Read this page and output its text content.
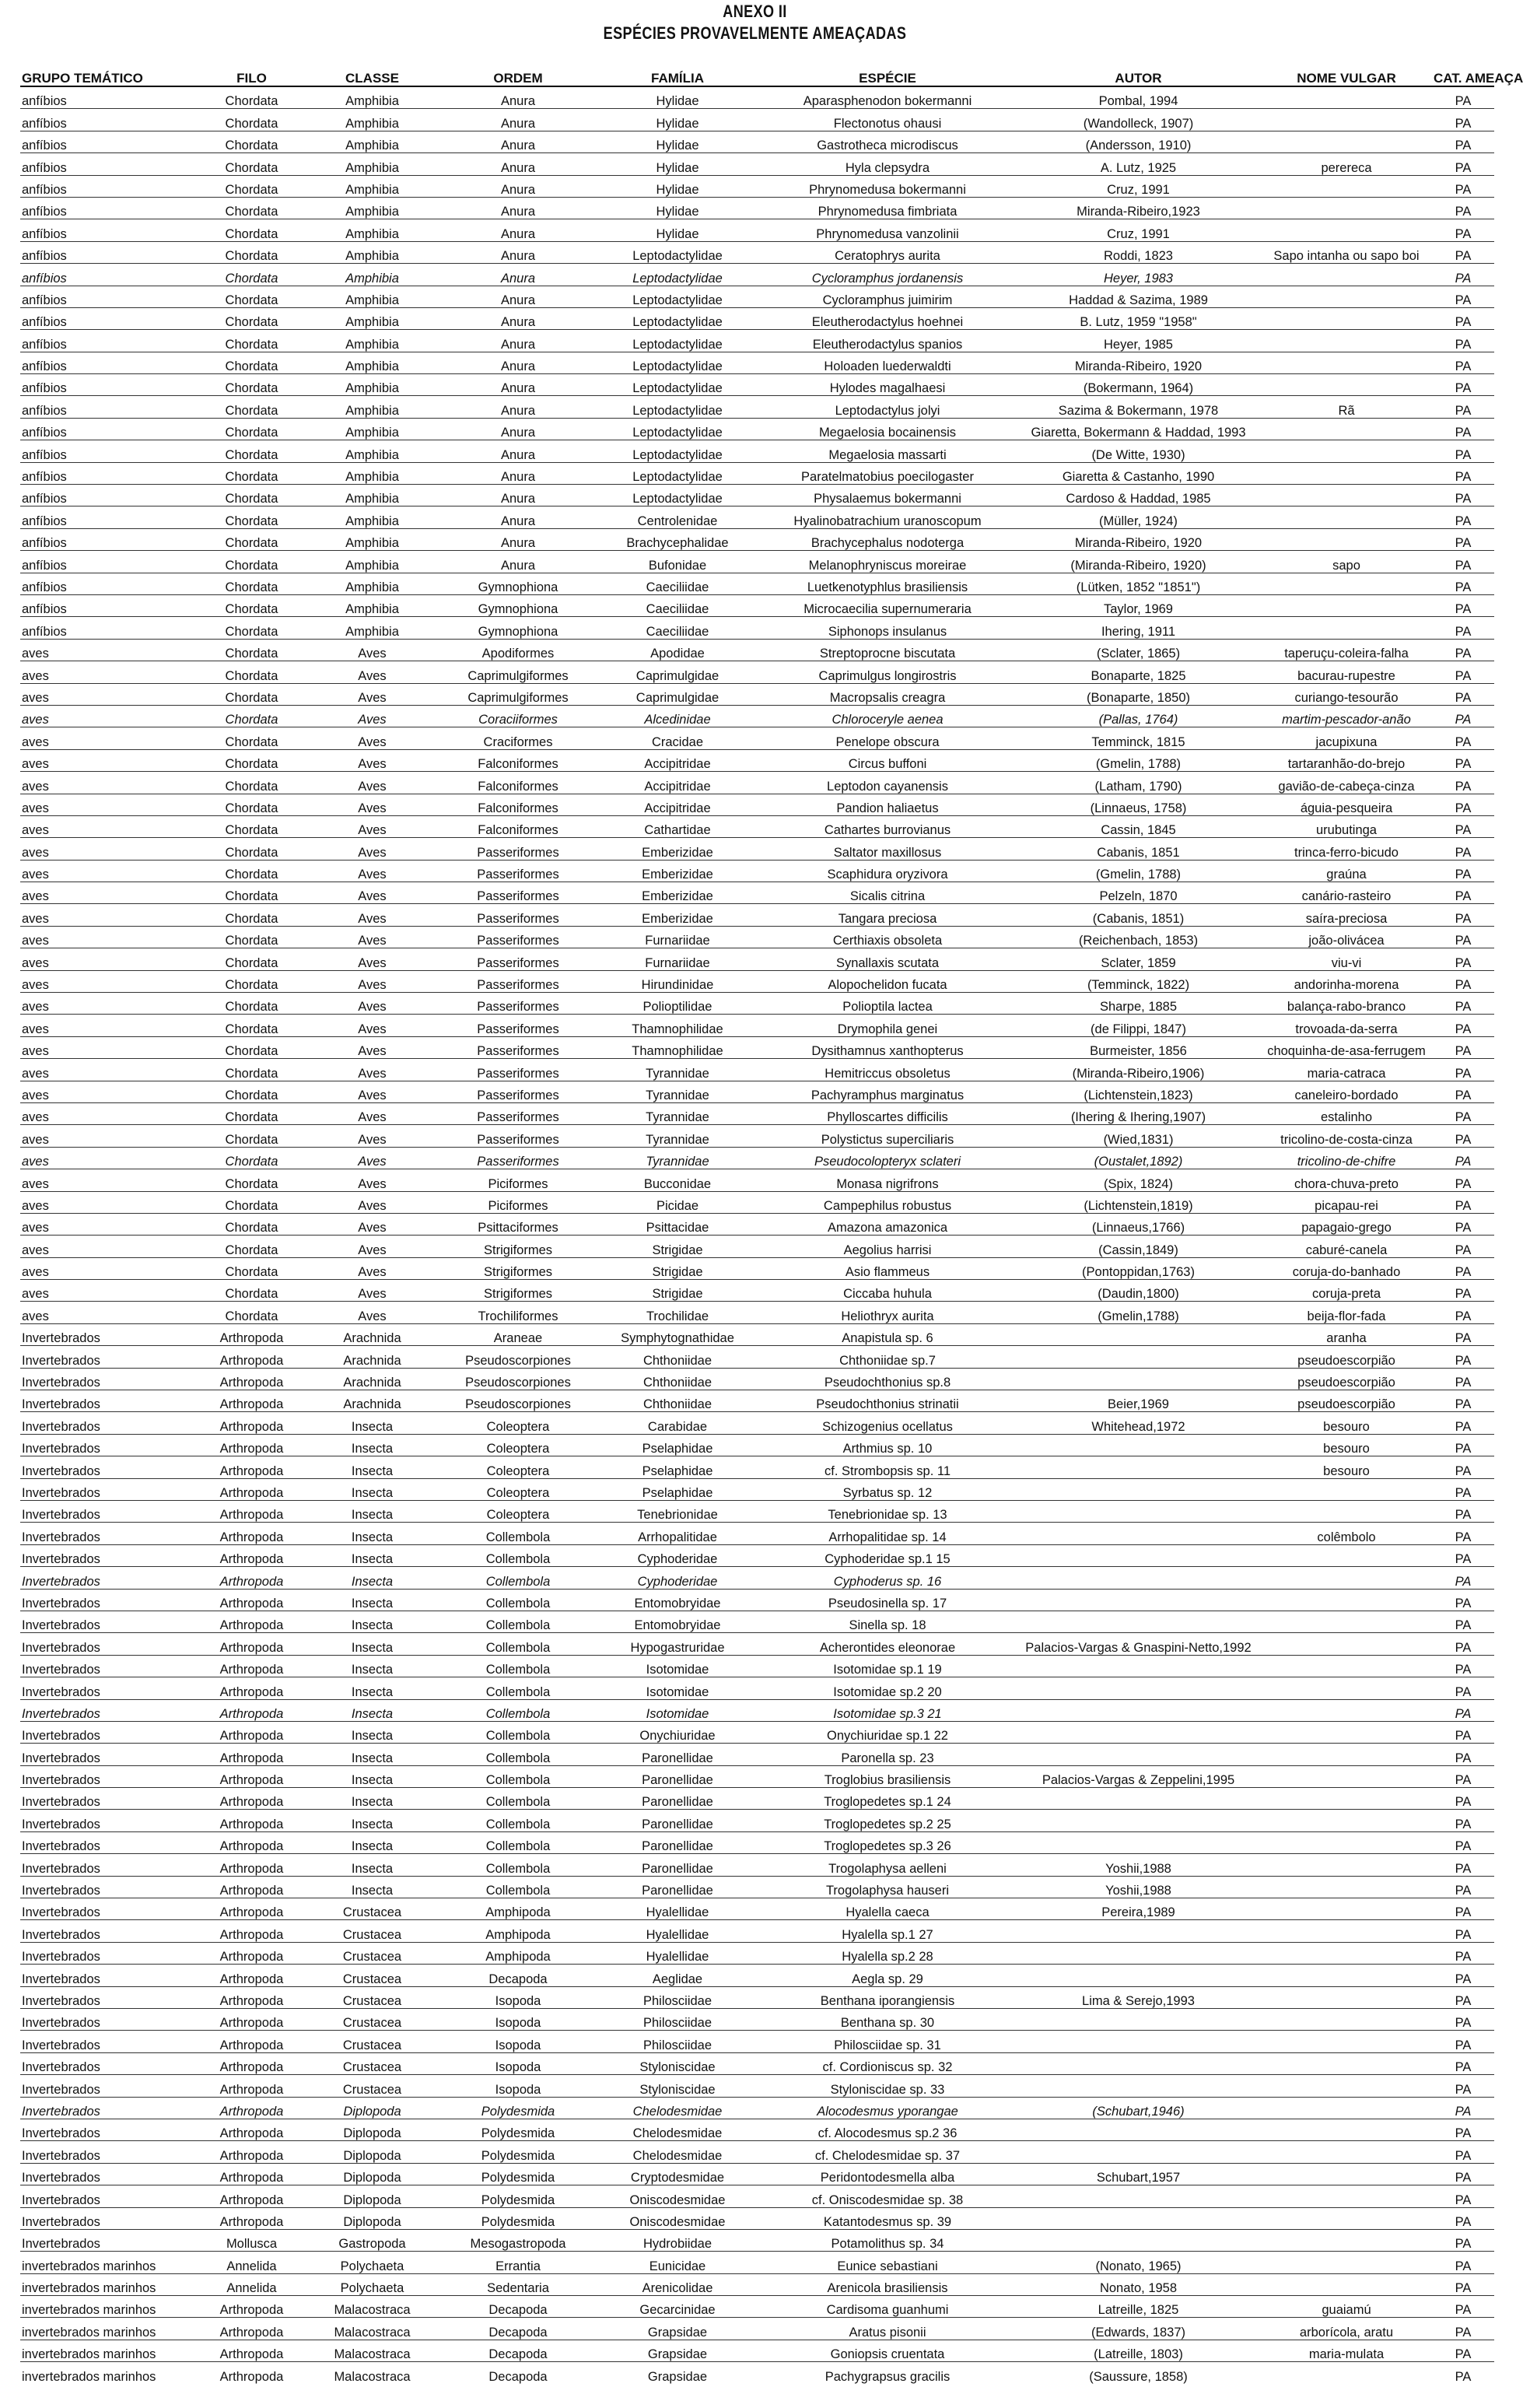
ANEXO II
ESPÉCIES PROVAVELMENTE AMEAÇADAS
GRUPO TEMÁTICO	FILO	CLASSE	ORDEM	FAMÍLIA	ESPÉCIE	AUTOR	NOME VULGAR	CAT. AMEAÇA
anfíbios	Chordata	Amphibia	Anura	Hylidae	Aparasphenodon bokermanni	Pombal, 1994		PA
anfíbios	Chordata	Amphibia	Anura	Hylidae	Flectonotus ohausi	(Wandolleck, 1907)		PA
anfíbios	Chordata	Amphibia	Anura	Hylidae	Gastrotheca microdiscus	(Andersson, 1910)		PA
anfíbios	Chordata	Amphibia	Anura	Hylidae	Hyla clepsydra	A. Lutz, 1925	perereca	PA
anfíbios	Chordata	Amphibia	Anura	Hylidae	Phrynomedusa bokermanni	Cruz, 1991		PA
anfíbios	Chordata	Amphibia	Anura	Hylidae	Phrynomedusa fimbriata	Miranda-Ribeiro,1923		PA
anfíbios	Chordata	Amphibia	Anura	Hylidae	Phrynomedusa vanzolinii	Cruz, 1991		PA
anfíbios	Chordata	Amphibia	Anura	Leptodactylidae	Ceratophrys aurita	Roddi, 1823	Sapo intanha ou sapo boi	PA
anfíbios	Chordata	Amphibia	Anura	Leptodactylidae	Cycloramphus jordanensis	Heyer, 1983		PA
anfíbios	Chordata	Amphibia	Anura	Leptodactylidae	Cycloramphus juimirim	Haddad & Sazima, 1989		PA
anfíbios	Chordata	Amphibia	Anura	Leptodactylidae	Eleutherodactylus hoehnei	B. Lutz, 1959 "1958"		PA
anfíbios	Chordata	Amphibia	Anura	Leptodactylidae	Eleutherodactylus spanios	Heyer, 1985		PA
anfíbios	Chordata	Amphibia	Anura	Leptodactylidae	Holoaden luederwaldti	Miranda-Ribeiro, 1920		PA
anfíbios	Chordata	Amphibia	Anura	Leptodactylidae	Hylodes magalhaesi	(Bokermann, 1964)		PA
anfíbios	Chordata	Amphibia	Anura	Leptodactylidae	Leptodactylus jolyi	Sazima & Bokermann, 1978	Rã	PA
anfíbios	Chordata	Amphibia	Anura	Leptodactylidae	Megaelosia bocainensis	Giaretta, Bokermann & Haddad, 1993		PA
anfíbios	Chordata	Amphibia	Anura	Leptodactylidae	Megaelosia massarti	(De Witte, 1930)		PA
anfíbios	Chordata	Amphibia	Anura	Leptodactylidae	Paratelmatobius poecilogaster	Giaretta & Castanho, 1990		PA
anfíbios	Chordata	Amphibia	Anura	Leptodactylidae	Physalaemus bokermanni	Cardoso & Haddad, 1985		PA
anfíbios	Chordata	Amphibia	Anura	Centrolenidae	Hyalinobatrachium uranoscopum	(Müller, 1924)		PA
anfíbios	Chordata	Amphibia	Anura	Brachycephalidae	Brachycephalus nodoterga	Miranda-Ribeiro, 1920		PA
anfíbios	Chordata	Amphibia	Anura	Bufonidae	Melanophryniscus moreirae	(Miranda-Ribeiro, 1920)	sapo	PA
anfíbios	Chordata	Amphibia	Gymnophiona	Caeciliidae	Luetkenotyphlus brasiliensis	(Lütken, 1852 "1851")		PA
anfíbios	Chordata	Amphibia	Gymnophiona	Caeciliidae	Microcaecilia supernumeraria	Taylor, 1969		PA
anfíbios	Chordata	Amphibia	Gymnophiona	Caeciliidae	Siphonops insulanus	Ihering, 1911		PA
aves	Chordata	Aves	Apodiformes	Apodidae	Streptoprocne biscutata	(Sclater, 1865)	taperuçu-coleira-falha	PA
aves	Chordata	Aves	Caprimulgiformes	Caprimulgidae	Caprimulgus longirostris	Bonaparte, 1825	bacurau-rupestre	PA
aves	Chordata	Aves	Caprimulgiformes	Caprimulgidae	Macropsalis creagra	(Bonaparte, 1850)	curiango-tesourão	PA
aves	Chordata	Aves	Coraciiformes	Alcedinidae	Chloroceryle aenea	(Pallas, 1764)	martim-pescador-anão	PA
aves	Chordata	Aves	Craciformes	Cracidae	Penelope obscura	Temminck, 1815	jacupixuna	PA
aves	Chordata	Aves	Falconiformes	Accipitridae	Circus buffoni	(Gmelin, 1788)	tartaranhão-do-brejo	PA
aves	Chordata	Aves	Falconiformes	Accipitridae	Leptodon cayanensis	(Latham, 1790)	gavião-de-cabeça-cinza	PA
aves	Chordata	Aves	Falconiformes	Accipitridae	Pandion haliaetus	(Linnaeus, 1758)	águia-pesqueira	PA
aves	Chordata	Aves	Falconiformes	Cathartidae	Cathartes burrovianus	Cassin, 1845	urubutinga	PA
aves	Chordata	Aves	Passeriformes	Emberizidae	Saltator maxillosus	Cabanis, 1851	trinca-ferro-bicudo	PA
aves	Chordata	Aves	Passeriformes	Emberizidae	Scaphidura oryzivora	(Gmelin, 1788)	graúna	PA
aves	Chordata	Aves	Passeriformes	Emberizidae	Sicalis citrina	Pelzeln, 1870	canário-rasteiro	PA
aves	Chordata	Aves	Passeriformes	Emberizidae	Tangara preciosa	(Cabanis, 1851)	saíra-preciosa	PA
aves	Chordata	Aves	Passeriformes	Furnariidae	Certhiaxis obsoleta	(Reichenbach, 1853)	joão-olivácea	PA
aves	Chordata	Aves	Passeriformes	Furnariidae	Synallaxis scutata	Sclater, 1859	viu-vi	PA
aves	Chordata	Aves	Passeriformes	Hirundinidae	Alopochelidon fucata	(Temminck, 1822)	andorinha-morena	PA
aves	Chordata	Aves	Passeriformes	Polioptilidae	Polioptila lactea	Sharpe, 1885	balança-rabo-branco	PA
aves	Chordata	Aves	Passeriformes	Thamnophilidae	Drymophila genei	(de Filippi, 1847)	trovoada-da-serra	PA
aves	Chordata	Aves	Passeriformes	Thamnophilidae	Dysithamnus xanthopterus	Burmeister, 1856	choquinha-de-asa-ferrugem	PA
aves	Chordata	Aves	Passeriformes	Tyrannidae	Hemitriccus obsoletus	(Miranda-Ribeiro,1906)	maria-catraca	PA
aves	Chordata	Aves	Passeriformes	Tyrannidae	Pachyramphus marginatus	(Lichtenstein,1823)	caneleiro-bordado	PA
aves	Chordata	Aves	Passeriformes	Tyrannidae	Phylloscartes difficilis	(Ihering & Ihering,1907)	estalinho	PA
aves	Chordata	Aves	Passeriformes	Tyrannidae	Polystictus superciliaris	(Wied,1831)	tricolino-de-costa-cinza	PA
aves	Chordata	Aves	Passeriformes	Tyrannidae	Pseudocolopteryx sclateri	(Oustalet,1892)	tricolino-de-chifre	PA
aves	Chordata	Aves	Piciformes	Bucconidae	Monasa nigrifrons	(Spix, 1824)	chora-chuva-preto	PA
aves	Chordata	Aves	Piciformes	Picidae	Campephilus robustus	(Lichtenstein,1819)	picapau-rei	PA
aves	Chordata	Aves	Psittaciformes	Psittacidae	Amazona amazonica	(Linnaeus,1766)	papagaio-grego	PA
aves	Chordata	Aves	Strigiformes	Strigidae	Aegolius harrisi	(Cassin,1849)	caburé-canela	PA
aves	Chordata	Aves	Strigiformes	Strigidae	Asio flammeus	(Pontoppidan,1763)	coruja-do-banhado	PA
aves	Chordata	Aves	Strigiformes	Strigidae	Ciccaba huhula	(Daudin,1800)	coruja-preta	PA
aves	Chordata	Aves	Trochiliformes	Trochilidae	Heliothryx aurita	(Gmelin,1788)	beija-flor-fada	PA
Invertebrados	Arthropoda	Arachnida	Araneae	Symphytognathidae	Anapistula sp. 6		aranha	PA
Invertebrados	Arthropoda	Arachnida	Pseudoscorpiones	Chthoniidae	Chthoniidae sp.7		pseudoescorpião	PA
Invertebrados	Arthropoda	Arachnida	Pseudoscorpiones	Chthoniidae	Pseudochthonius sp.8		pseudoescorpião	PA
Invertebrados	Arthropoda	Arachnida	Pseudoscorpiones	Chthoniidae	Pseudochthonius strinatii	Beier,1969	pseudoescorpião	PA
Invertebrados	Arthropoda	Insecta	Coleoptera	Carabidae	Schizogenius ocellatus	Whitehead,1972	besouro	PA
Invertebrados	Arthropoda	Insecta	Coleoptera	Pselaphidae	Arthmius sp. 10		besouro	PA
Invertebrados	Arthropoda	Insecta	Coleoptera	Pselaphidae	cf. Strombopsis sp. 11		besouro	PA
Invertebrados	Arthropoda	Insecta	Coleoptera	Pselaphidae	Syrbatus sp. 12			PA
Invertebrados	Arthropoda	Insecta	Coleoptera	Tenebrionidae	Tenebrionidae sp. 13			PA
Invertebrados	Arthropoda	Insecta	Collembola	Arrhopalitidae	Arrhopalitidae sp. 14		colêmbolo	PA
Invertebrados	Arthropoda	Insecta	Collembola	Cyphoderidae	Cyphoderidae sp.1 15			PA
Invertebrados	Arthropoda	Insecta	Collembola	Cyphoderidae	Cyphoderus sp. 16			PA
Invertebrados	Arthropoda	Insecta	Collembola	Entomobryidae	Pseudosinella sp. 17			PA
Invertebrados	Arthropoda	Insecta	Collembola	Entomobryidae	Sinella sp. 18			PA
Invertebrados	Arthropoda	Insecta	Collembola	Hypogastruridae	Acherontides eleonorae	Palacios-Vargas & Gnaspini-Netto,1992		PA
Invertebrados	Arthropoda	Insecta	Collembola	Isotomidae	Isotomidae sp.1 19			PA
Invertebrados	Arthropoda	Insecta	Collembola	Isotomidae	Isotomidae sp.2 20			PA
Invertebrados	Arthropoda	Insecta	Collembola	Isotomidae	Isotomidae sp.3 21			PA
Invertebrados	Arthropoda	Insecta	Collembola	Onychiuridae	Onychiuridae sp.1 22			PA
Invertebrados	Arthropoda	Insecta	Collembola	Paronellidae	Paronella sp. 23			PA
Invertebrados	Arthropoda	Insecta	Collembola	Paronellidae	Troglobius brasiliensis	Palacios-Vargas & Zeppelini,1995		PA
Invertebrados	Arthropoda	Insecta	Collembola	Paronellidae	Troglopedetes sp.1 24			PA
Invertebrados	Arthropoda	Insecta	Collembola	Paronellidae	Troglopedetes sp.2 25			PA
Invertebrados	Arthropoda	Insecta	Collembola	Paronellidae	Troglopedetes sp.3 26			PA
Invertebrados	Arthropoda	Insecta	Collembola	Paronellidae	Trogolaphysa aelleni	Yoshii,1988		PA
Invertebrados	Arthropoda	Insecta	Collembola	Paronellidae	Trogolaphysa hauseri	Yoshii,1988		PA
Invertebrados	Arthropoda	Crustacea	Amphipoda	Hyalellidae	Hyalella caeca	Pereira,1989		PA
Invertebrados	Arthropoda	Crustacea	Amphipoda	Hyalellidae	Hyalella sp.1 27			PA
Invertebrados	Arthropoda	Crustacea	Amphipoda	Hyalellidae	Hyalella sp.2 28			PA
Invertebrados	Arthropoda	Crustacea	Decapoda	Aeglidae	Aegla sp. 29			PA
Invertebrados	Arthropoda	Crustacea	Isopoda	Philosciidae	Benthana iporangiensis	Lima & Serejo,1993		PA
Invertebrados	Arthropoda	Crustacea	Isopoda	Philosciidae	Benthana sp. 30			PA
Invertebrados	Arthropoda	Crustacea	Isopoda	Philosciidae	Philosciidae sp. 31			PA
Invertebrados	Arthropoda	Crustacea	Isopoda	Styloniscidae	cf. Cordioniscus sp. 32			PA
Invertebrados	Arthropoda	Crustacea	Isopoda	Styloniscidae	Styloniscidae sp. 33			PA
Invertebrados	Arthropoda	Diplopoda	Polydesmida	Chelodesmidae	Alocodesmus yporangae	(Schubart,1946)		PA
Invertebrados	Arthropoda	Diplopoda	Polydesmida	Chelodesmidae	cf. Alocodesmus sp.2 36			PA
Invertebrados	Arthropoda	Diplopoda	Polydesmida	Chelodesmidae	cf. Chelodesmidae sp. 37			PA
Invertebrados	Arthropoda	Diplopoda	Polydesmida	Cryptodesmidae	Peridontodesmella alba	Schubart,1957		PA
Invertebrados	Arthropoda	Diplopoda	Polydesmida	Oniscodesmidae	cf. Oniscodesmidae sp. 38			PA
Invertebrados	Arthropoda	Diplopoda	Polydesmida	Oniscodesmidae	Katantodesmus sp. 39			PA
Invertebrados	Mollusca	Gastropoda	Mesogastropoda	Hydrobiidae	Potamolithus sp. 34			PA
invertebrados marinhos	Annelida	Polychaeta	Errantia	Eunicidae	Eunice sebastiani	(Nonato, 1965)		PA
invertebrados marinhos	Annelida	Polychaeta	Sedentaria	Arenicolidae	Arenicola brasiliensis	Nonato, 1958		PA
invertebrados marinhos	Arthropoda	Malacostraca	Decapoda	Gecarcinidae	Cardisoma guanhumi	Latreille, 1825	guaiamú	PA
invertebrados marinhos	Arthropoda	Malacostraca	Decapoda	Grapsidae	Aratus pisonii	(Edwards, 1837)	arborícola, aratu	PA
invertebrados marinhos	Arthropoda	Malacostraca	Decapoda	Grapsidae	Goniopsis cruentata	(Latreille, 1803)	maria-mulata	PA
invertebrados marinhos	Arthropoda	Malacostraca	Decapoda	Grapsidae	Pachygrapsus gracilis	(Saussure, 1858)		PA
